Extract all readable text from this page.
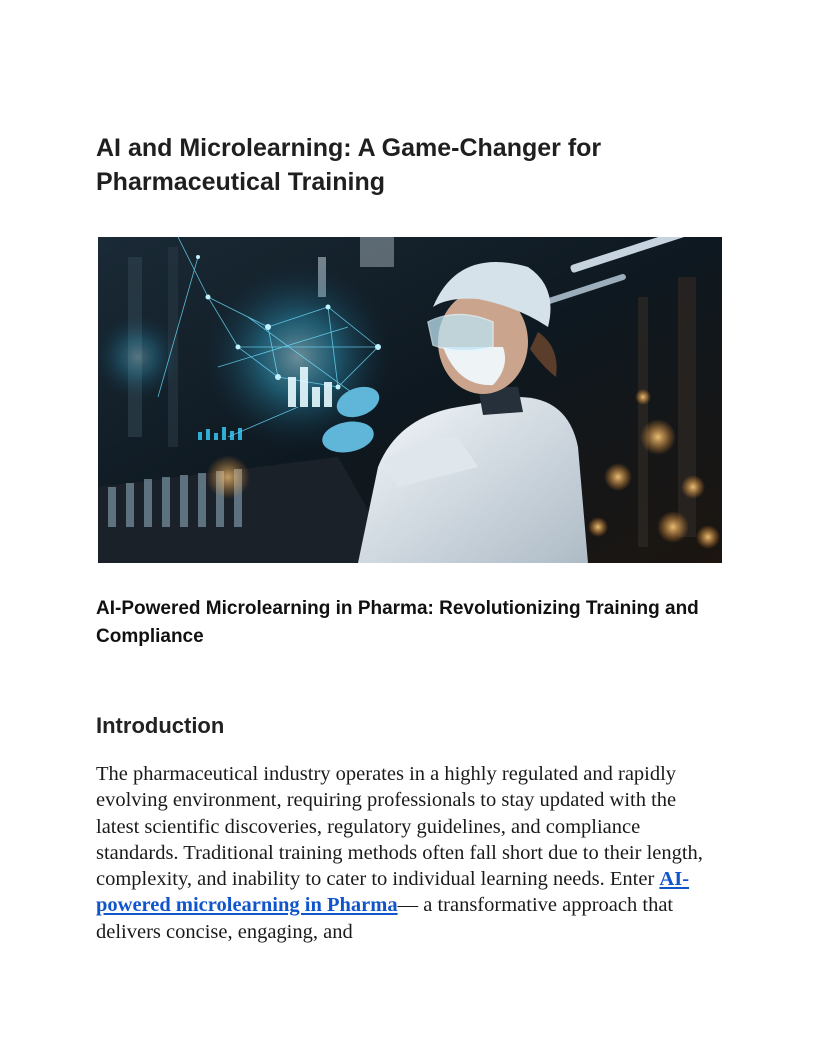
AI and Microlearning: A Game-Changer for Pharmaceutical Training
AI-Powered Microlearning in Pharma: Revolutionizing Training and Compliance
Introduction

The pharmaceutical industry operates in a highly regulated and rapidly evolving environment, requiring professionals to stay updated with the latest scientific discoveries, regulatory guidelines, and compliance standards. Traditional training methods often fall short due to their length, complexity, and inability to cater to individual learning needs. Enter AI-powered microlearning in Pharma— a transformative approach that delivers concise, engaging, and
